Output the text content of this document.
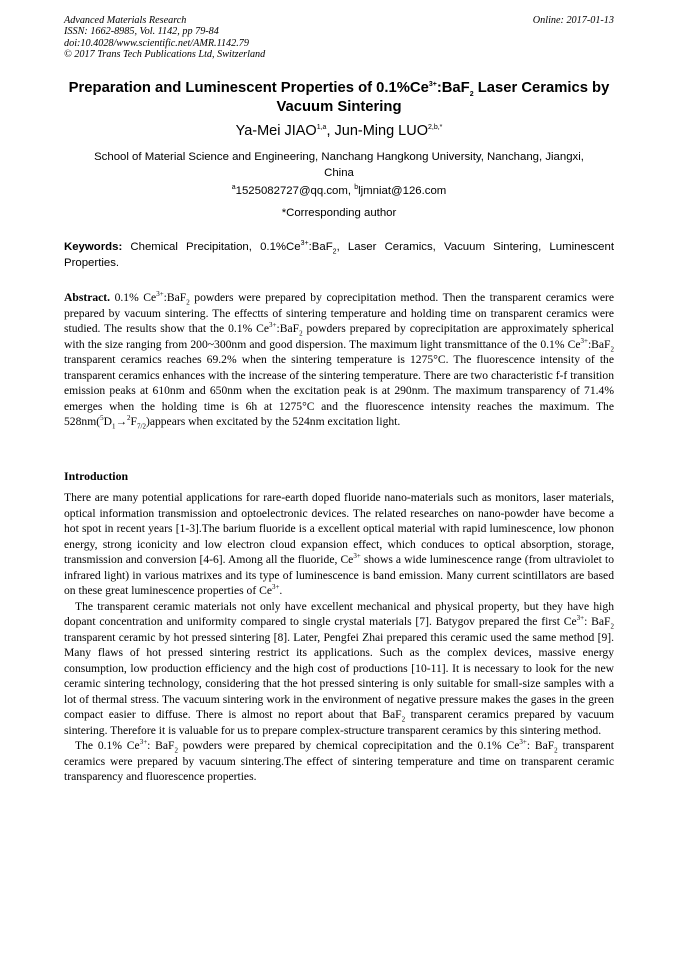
Advanced Materials Research
ISSN: 1662-8985, Vol. 1142, pp 79-84
doi:10.4028/www.scientific.net/AMR.1142.79
© 2017 Trans Tech Publications Ltd, Switzerland
Online: 2017-01-13
Preparation and Luminescent Properties of $0.1\%Ce^{3+}:BaF_2$ Laser Ceramics by Vacuum Sintering
Ya-Mei JIAO$^{1,a}$, Jun-Ming $LUO^{2,b,*}$
School of Material Science and Engineering, Nanchang Hangkong University, Nanchang, Jiangxi, China
$^a$1525082727@qq.com, $^b$ljmniat@126.com
*Corresponding author
Keywords: Chemical Precipitation, $0.1\%Ce^{3+}:BaF_2$, Laser Ceramics, Vacuum Sintering, Luminescent Properties.
Abstract. 0.1% $Ce^{3+}:BaF_2$ powders were prepared by coprecipitation method. Then the transparent ceramics were prepared by vacuum sintering. The effectts of sintering temperature and holding time on transparent ceramics were studied. The results show that the 0.1% $Ce^{3+}:BaF_2$ powders prepared by coprecipitation are approximately spherical with the size ranging from 200~300nm and good dispersion. The maximum light transmittance of the 0.1% $Ce^{3+}:BaF_2$ transparent ceramics reaches 69.2% when the sintering temperature is 1275°C. The fluorescence intensity of the transparent ceramics enhances with the increase of the sintering temperature. There are two characteristic f-f transition emission peaks at 610nm and 650nm when the excitation peak is at 290nm. The maximum transparency of 71.4% emerges when the holding time is 6h at 1275°C and the fluorescence intensity reaches the maximum. The $528nm(^5D_1\to^2F_{7/2})appears$ when excitated by the 524nm excitation light.
Introduction

There are many potential applications for rare-earth doped fluoride nano-materials such as monitors, laser materials, optical information transmission and optoelectronic devices. The related researches on nano-powder have become a hot spot in recent years [1-3].The barium fluoride is a excellent optical material with rapid luminescence, low phonon energy, strong iconicity and low electron cloud expansion effect, which conduces to optical absorption, storage, transmission and conversion [4-6]. Among all the fluoride, $Ce^{3+}$ shows a wide luminescence range (from ultraviolet to infrared light) in various matrixes and its type of luminescence is band emission. Many current scintillators are based on these great luminescence properties of $Ce^{3+}$.

The transparent ceramic materials not only have excellent mechanical and physical property, but they have high dopant concentration and uniformity compared to single crystal materials [7]. Batygov prepared the first $Ce^{3+}$: BaF$_2$ transparent ceramic by hot pressed sintering [8]. Later, Pengfei Zhai prepared this ceramic used the same method [9]. Many flaws of hot pressed sintering restrict its applications. Such as the complex devices, massive energy consumption, low production efficiency and the high cost of productions [10-11]. It is necessary to look for the new ceramic sintering technology, considering that the hot pressed sintering is only suitable for small-size samples with a lot of thermal stress. The vacuum sintering work in the environment of negative pressure makes the gases in the green compact easier to diffuse. There is almost no report about that BaF$_2$ transparent ceramics prepared by vacuum sintering. Therefore it is valuable for us to prepare complex-structure transparent ceramics by this sintering method.

The 0.1% $Ce^{3+}$: BaF$_2$ powders were prepared by chemical coprecipitation and the 0.1% $Ce^{3+}$: BaF$_2$ transparent ceramics were prepared by vacuum sintering.The effect of sintering temperature and time on transparent ceramic transparency and fluorescence properties.
